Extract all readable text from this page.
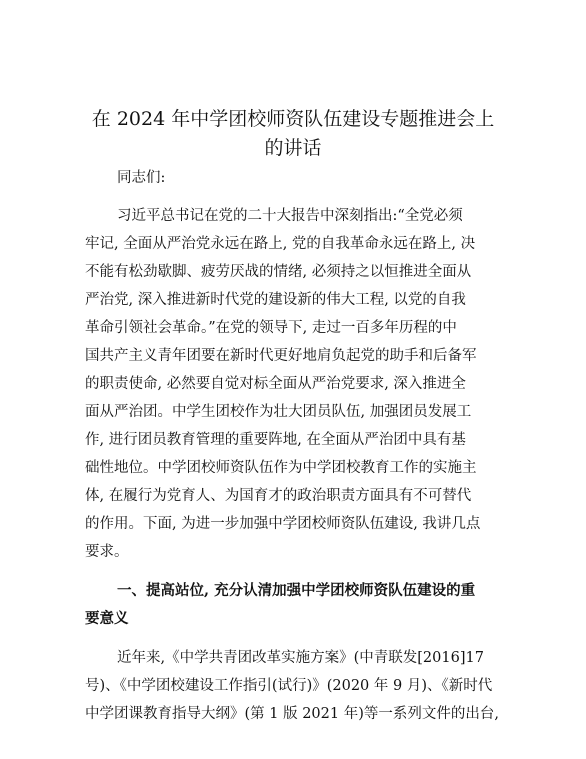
在 2024 年中学团校师资队伍建设专题推进会上
的讲话
同志们:
习近平总书记在党的二十大报告中深刻指出:“全党必须
牢记, 全面从严治党永远在路上, 党的自我革命永远在路上, 决
不能有松劲歇脚、疲劳厌战的情绪, 必须持之以恒推进全面从
严治党, 深入推进新时代党的建设新的伟大工程, 以党的自我
革命引领社会革命。”在党的领导下, 走过一百多年历程的中
国共产主义青年团要在新时代更好地肩负起党的助手和后备军
的职责使命, 必然要自觉对标全面从严治党要求, 深入推进全
面从严治团。中学生团校作为壮大团员队伍, 加强团员发展工
作, 进行团员教育管理的重要阵地, 在全面从严治团中具有基
础性地位。中学团校师资队伍作为中学团校教育工作的实施主
体, 在履行为党育人、为国育才的政治职责方面具有不可替代
的作用。下面, 为进一步加强中学团校师资队伍建设, 我讲几点
要求。
一、提高站位, 充分认清加强中学团校师资队伍建设的重
要意义
近年来,《中学共青团改革实施方案》(中青联发[2016]17
号)、《中学团校建设工作指引(试行)》(2020 年 9 月)、《新时代
中学团课教育指导大纲》(第 1 版 2021 年)等一系列文件的出台,
